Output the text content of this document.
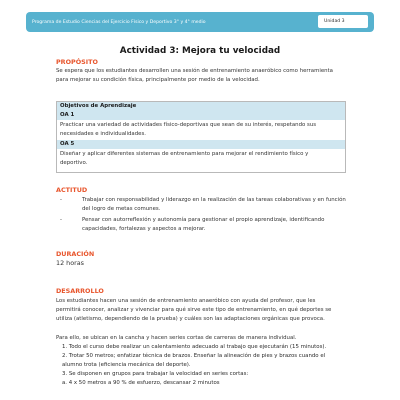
Programa de Estudio Ciencias del Ejercicio Físico y Deportivo 3° y 4° medio	Unidad 3
Actividad 3: Mejora tu velocidad
PROPÓSITO
Se espera que los estudiantes desarrollen una sesión de entrenamiento anaeróbico como herramienta
para mejorar su condición física, principalmente por medio de la velocidad.
Objetivos de Aprendizaje
OA 1
Practicar una variedad de actividades físico-deportivas que sean de su interés, respetando sus
necesidades e individualidades.
OA 5
Diseñar y aplicar diferentes sistemas de entrenamiento para mejorar el rendimiento físico y
deportivo.
ACTITUD
-	Trabajar con responsabilidad y liderazgo en la realización de las tareas colaborativas y en función
del logro de metas comunes.
-	Pensar con autorreflexión y autonomía para gestionar el propio aprendizaje, identificando
capacidades, fortalezas y aspectos a mejorar.
DURACIÓN
12 horas
DESARROLLO
Los estudiantes hacen una sesión de entrenamiento anaeróbico con ayuda del profesor, que les
permitirá conocer, analizar y vivenciar para qué sirve este tipo de entrenamiento, en qué deportes se
utiliza (atletismo, dependiendo de la prueba) y cuáles son las adaptaciones orgánicas que provoca.
Para ello, se ubican en la cancha y hacen series cortas de carreras de manera individual.
1. Todo el curso debe realizar un calentamiento adecuado al trabajo que ejecutarán (15 minutos).
2. Trotar 50 metros; enfatizar técnica de brazos. Enseñar la alineación de pies y brazos cuando el
alumno trota (eficiencia mecánica del deporte).
3. Se disponen en grupos para trabajar la velocidad en series cortas:
a. 4 x 50 metros a 90 % de esfuerzo, descansar 2 minutos
